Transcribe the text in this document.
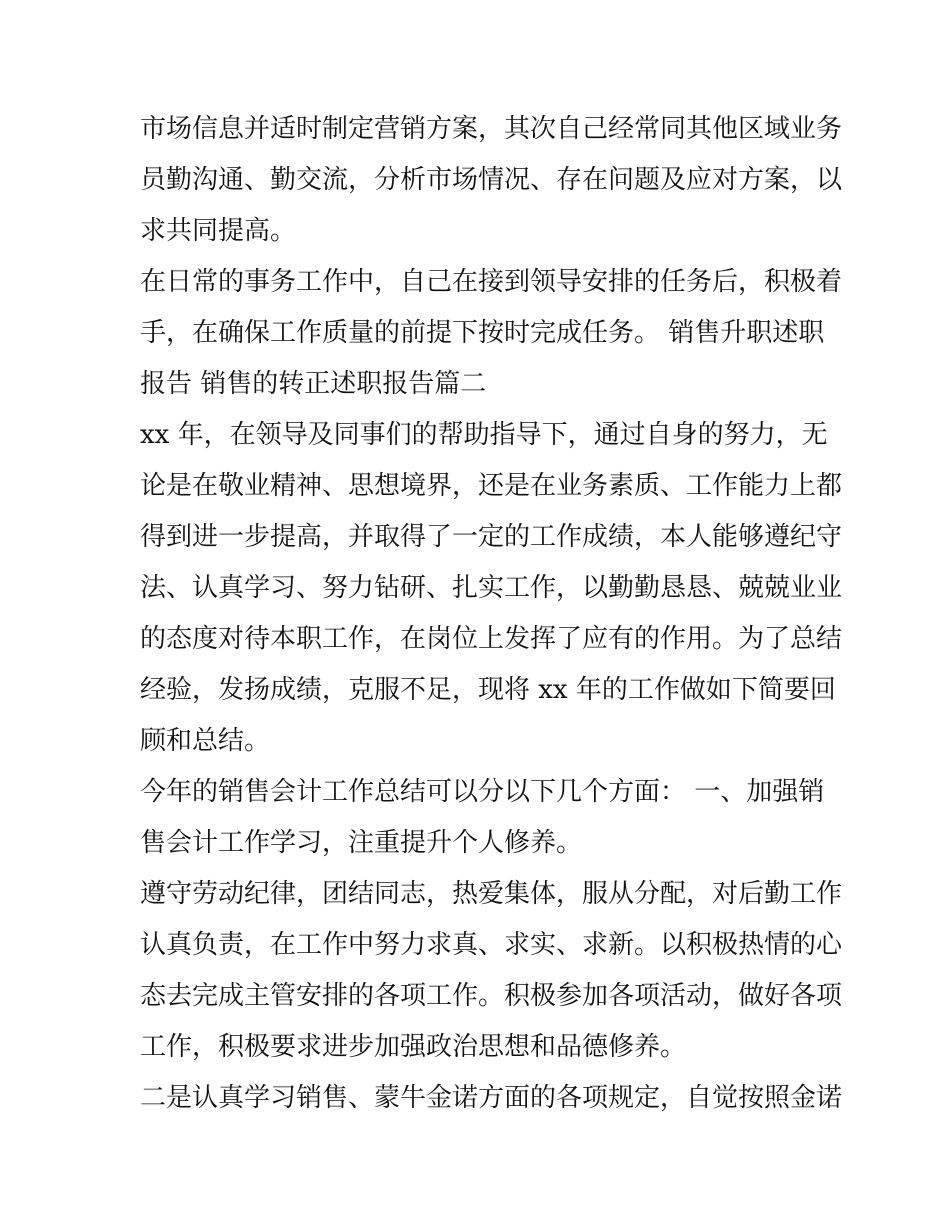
市场信息并适时制定营销方案，其次自己经常同其他区域业务
员勤沟通、勤交流，分析市场情况、存在问题及应对方案，以
求共同提高。

在日常的事务工作中，自己在接到领导安排的任务后，积极着
手，在确保工作质量的前提下按时完成任务。 销售升职述职
报告 销售的转正述职报告篇二

xx 年，在领导及同事们的帮助指导下，通过自身的努力，无
论是在敬业精神、思想境界，还是在业务素质、工作能力上都
得到进一步提高，并取得了一定的工作成绩，本人能够遵纪守
法、认真学习、努力钻研、扎实工作，以勤勤恳恳、兢兢业业
的态度对待本职工作，在岗位上发挥了应有的作用。为了总结
经验，发扬成绩，克服不足，现将 xx 年的工作做如下简要回
顾和总结。

今年的销售会计工作总结可以分以下几个方面： 一、加强销
售会计工作学习，注重提升个人修养。

遵守劳动纪律，团结同志，热爱集体，服从分配，对后勤工作
认真负责，在工作中努力求真、求实、求新。以积极热情的心
态去完成主管安排的各项工作。积极参加各项活动，做好各项
工作，积极要求进步加强政治思想和品德修养。

二是认真学习销售、蒙牛金诺方面的各项规定，自觉按照金诺
